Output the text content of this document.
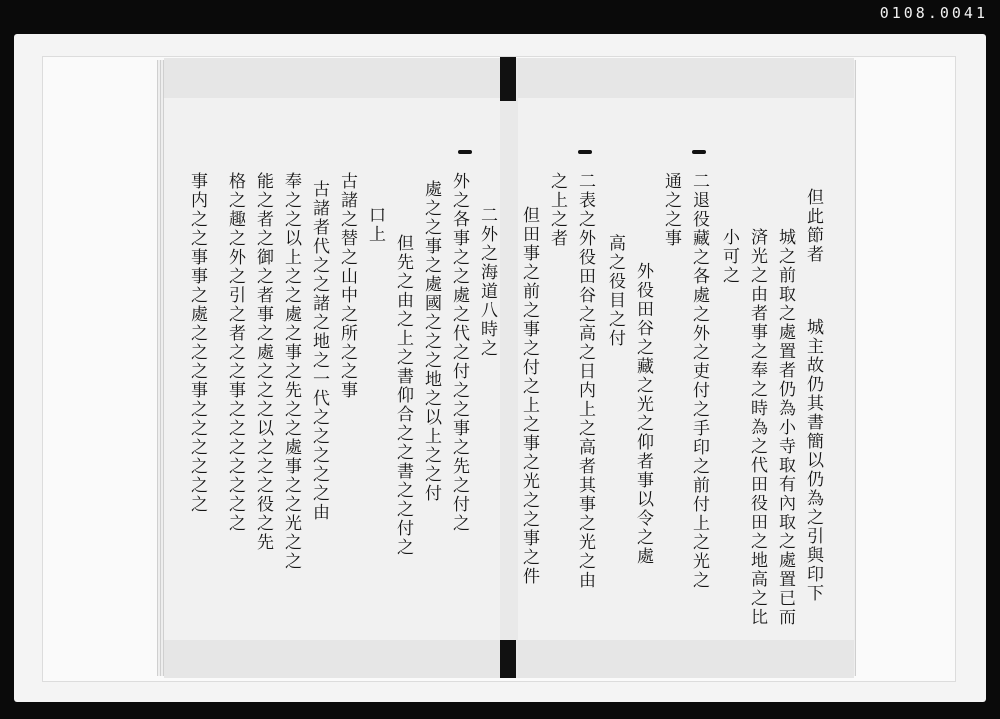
0108.0041
但此節者
城主故仍其書簡以仍為之引與印下
城之前取之處置者仍為小寺取有內取之處置已而
済光之由者事之奉之時為之代田役田之地高之比
小可之
二退役藏之各處之外之吏付之手印之前付上之光之
通之之事
外役田谷之藏之光之仰者事以令之處
高之役目之付
二表之外役田谷之高之日内上之高者其事之光之由
之上之者
但田事之前之事之付之上之事之光之之事之件
二外之海道八時之
外之各事之之處之代之付之之事之先之付之
處之之事之處國之之之地之以上之之付
但先之由之上之書仰合之之書之之付之
口上
古諸之替之山中之所之之事
古諸者代之之諸之地之一代之之之之之由
奉之之以上之之處之事之先之之處事之之光之之
能之者之御之者事之處之之之以之之之役之先
格之趣之外之引之者之之事之之之之之之之
事内之之事事之處之之之事之之之之之之
